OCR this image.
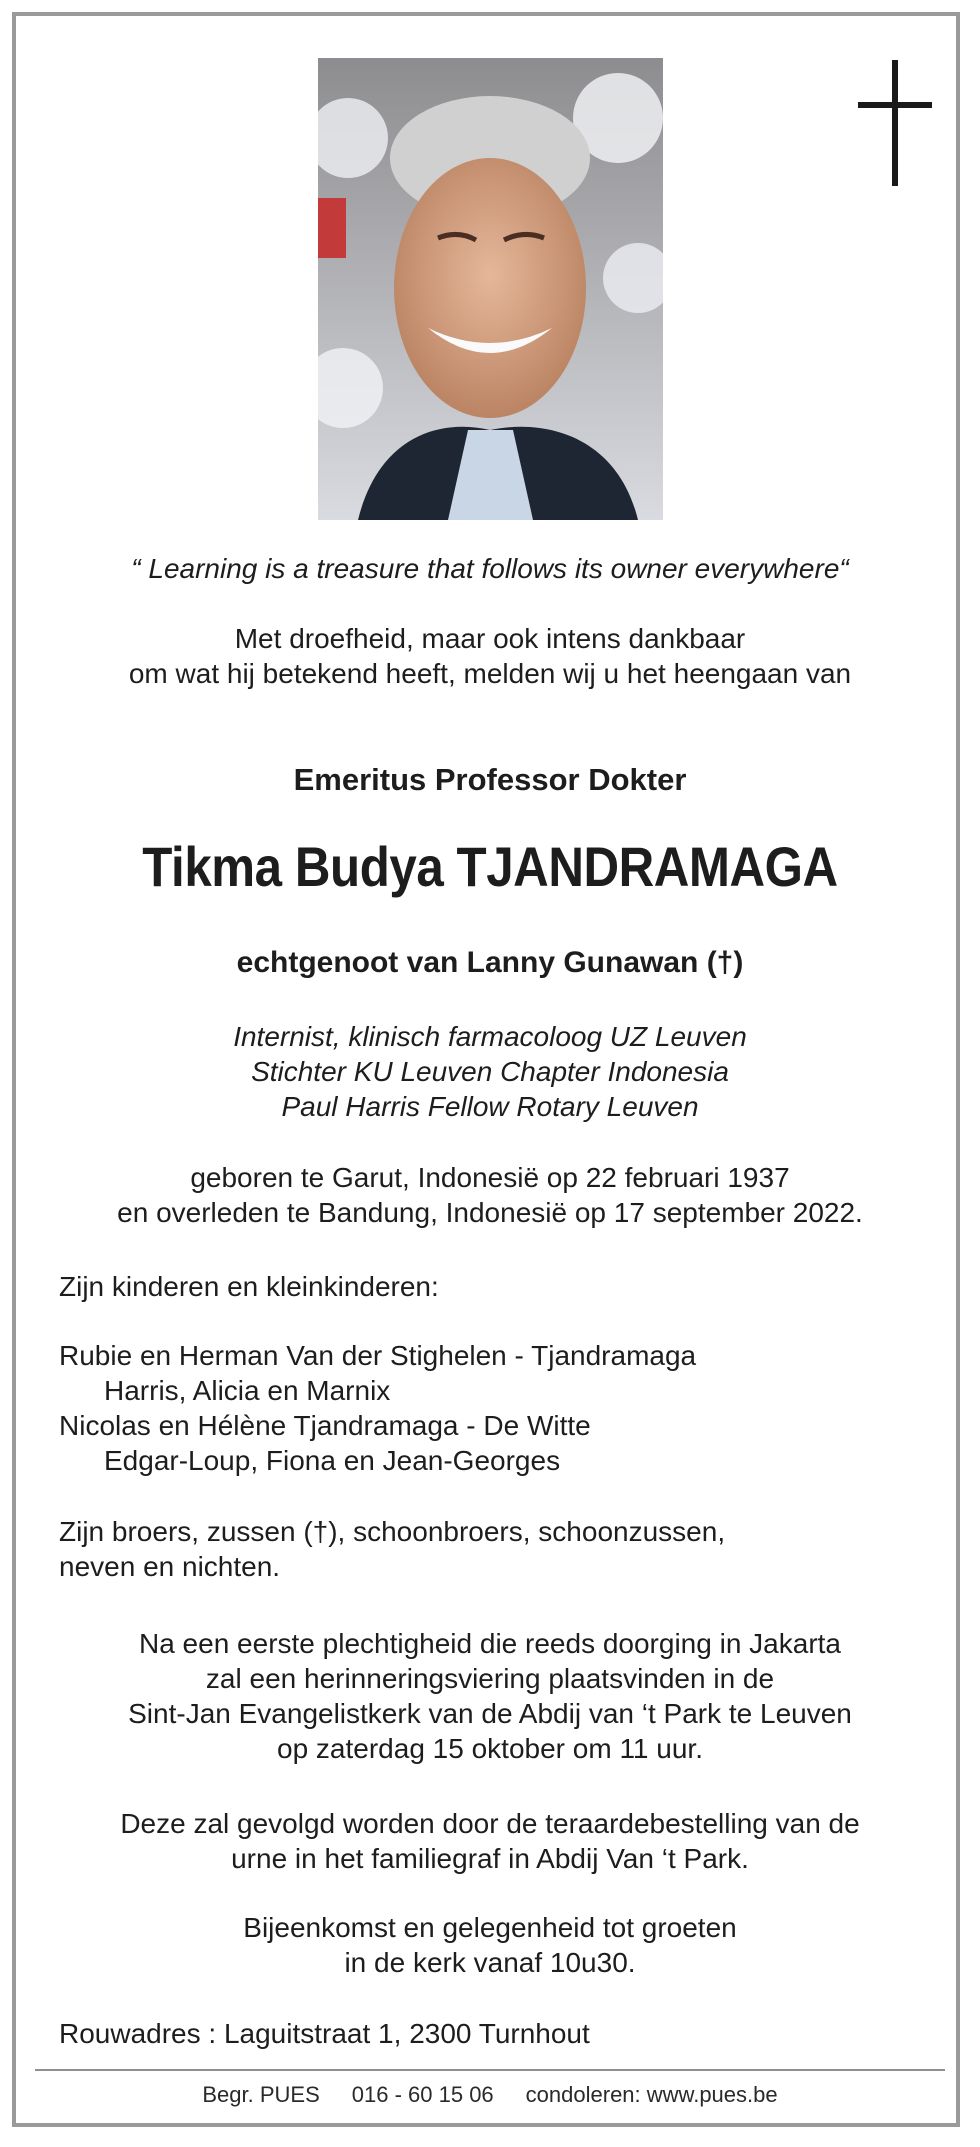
“ Learning is a treasure that follows its owner everywhere“
Met droefheid, maar ook intens dankbaar
om wat hij betekend heeft, melden wij u het heengaan van
Emeritus Professor Dokter
Tikma Budya TJANDRAMAGA
echtgenoot van Lanny Gunawan (†)
Internist, klinisch farmacoloog UZ Leuven
Stichter KU Leuven Chapter Indonesia
Paul Harris Fellow Rotary Leuven
geboren te Garut, Indonesië op 22 februari 1937
en overleden te Bandung, Indonesië op 17 september 2022.
Zijn kinderen en kleinkinderen:
Rubie en Herman Van der Stighelen - Tjandramaga
Harris, Alicia en Marnix
Nicolas en Hélène Tjandramaga - De Witte
Edgar-Loup, Fiona en Jean-Georges
Zijn broers, zussen (†), schoonbroers, schoonzussen,
neven en nichten.
Na een eerste plechtigheid die reeds doorging in Jakarta
zal een herinneringsviering plaatsvinden in de
Sint-Jan Evangelistkerk van de Abdij van ‘t Park te Leuven
op zaterdag 15 oktober om 11 uur.
Deze zal gevolgd worden door de teraardebestelling van de
urne in het familiegraf in Abdij Van ‘t Park.
Bijeenkomst en gelegenheid tot groeten
in de kerk vanaf 10u30.
Rouwadres : Laguitstraat 1, 2300 Turnhout
Begr. PUES 016 - 60 15 06 condoleren: www.pues.be
